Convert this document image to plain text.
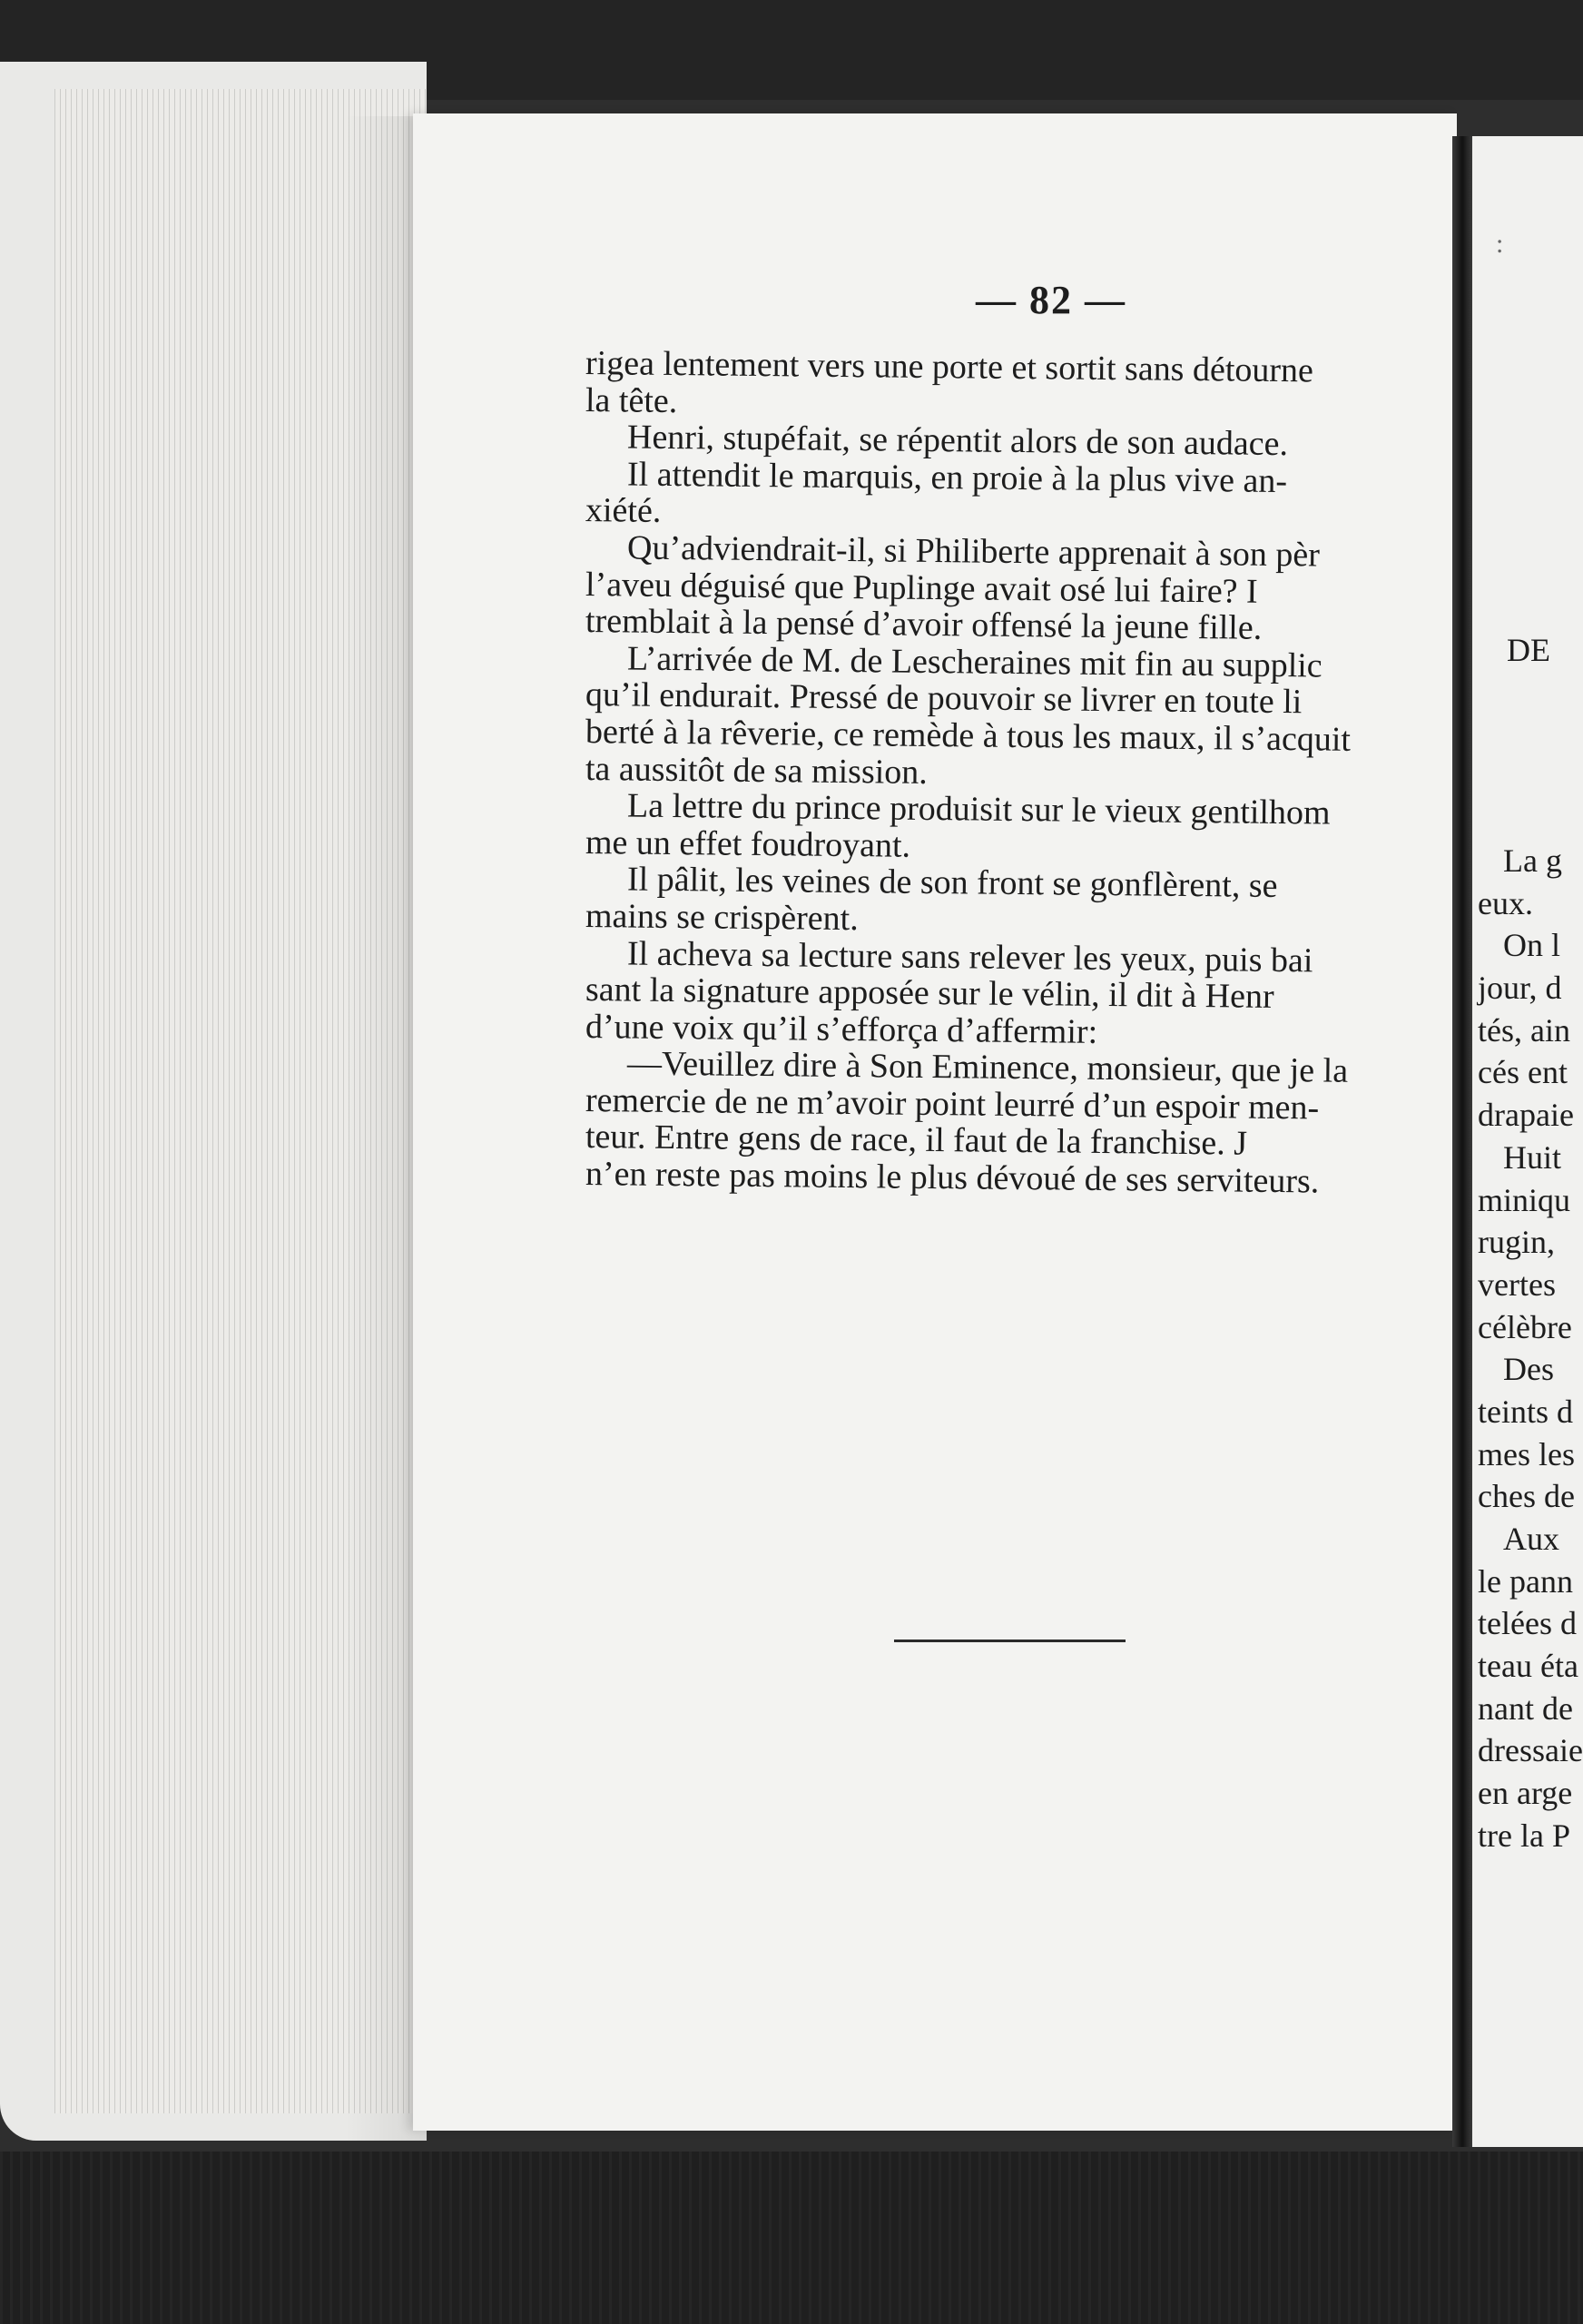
— 82 —
rigea lentement vers une porte et sortit sans détourne
la tête.
Henri, stupéfait, se répentit alors de son audace.
Il attendit le marquis, en proie à la plus vive an-
xiété.
Qu’adviendrait-il, si Philiberte apprenait à son pèr
l’aveu déguisé que Puplinge avait osé lui faire? I
tremblait à la pensé d’avoir offensé la jeune fille.
L’arrivée de M. de Lescheraines mit fin au supplic
qu’il endurait. Pressé de pouvoir se livrer en toute li
berté à la rêverie, ce remède à tous les maux, il s’acquit
ta aussitôt de sa mission.
La lettre du prince produisit sur le vieux gentilhom
me un effet foudroyant.
Il pâlit, les veines de son front se gonflèrent, se
mains se crispèrent.
Il acheva sa lecture sans relever les yeux, puis bai
sant la signature apposée sur le vélin, il dit à Henr
d’une voix qu’il s’efforça d’affermir:
—Veuillez dire à Son Eminence, monsieur, que je la
remercie de ne m’avoir point leurré d’un espoir men-
teur. Entre gens de race, il faut de la franchise. J
n’en reste pas moins le plus dévoué de ses serviteurs.
:
DE
La g
eux.
On l
jour, d
tés, ain
cés ent
drapaie
Huit
miniqu
rugin,
vertes
célèbre
Des
teints d
mes les
ches de
Aux
le pann
telées d
teau éta
nant de
dressaie
en arge
tre la P
